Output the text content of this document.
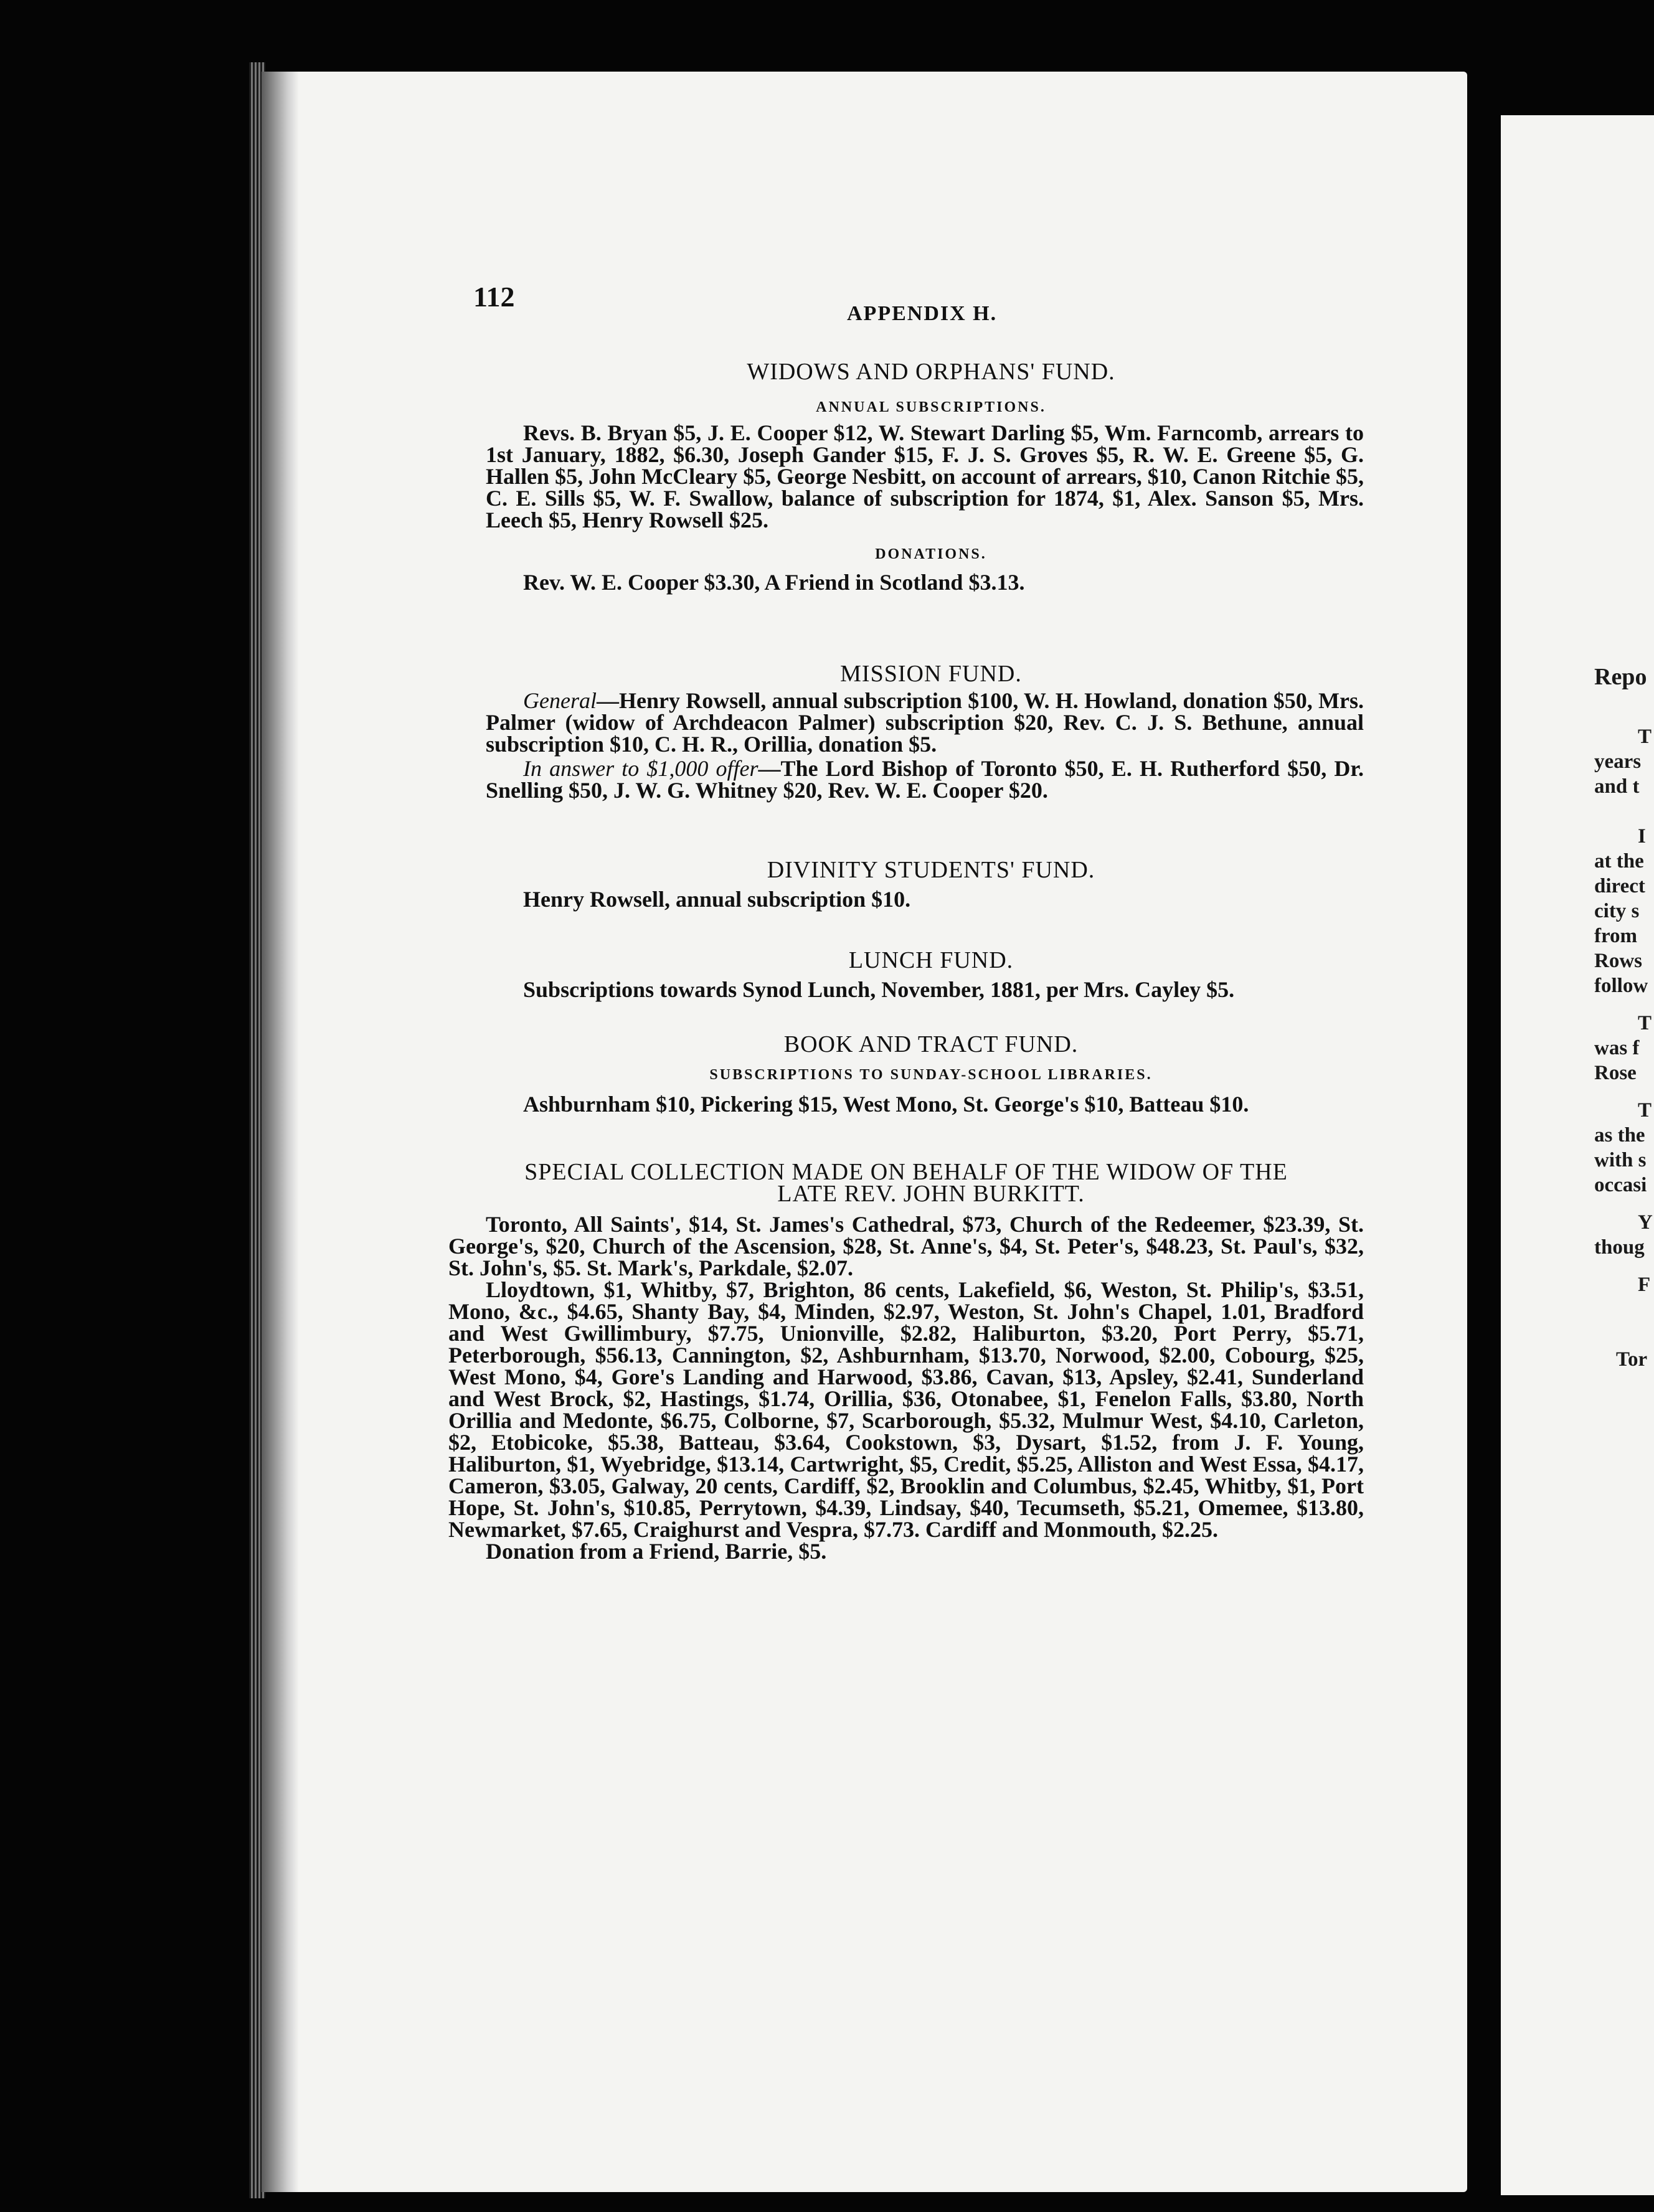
Repo
T
years
and t
I
at the
direct
city s
from
Rows
follow
T
was f
Rose
T
as the
with s
occasi
Y
thoug
F
Tor
112
APPENDIX H.
WIDOWS AND ORPHANS' FUND.
ANNUAL SUBSCRIPTIONS.
Revs. B. Bryan $5, J. E. Cooper $12, W. Stewart Darling $5, Wm. Farncomb, arrears to 1st January, 1882, $6.30, Joseph Gander $15, F. J. S. Groves $5, R. W. E. Greene $5, G. Hallen $5, John McCleary $5, George Nesbitt, on account of arrears, $10, Canon Ritchie $5, C. E. Sills $5, W. F. Swallow, balance of subscription for 1874, $1, Alex. Sanson $5, Mrs. Leech $5, Henry Rowsell $25.
DONATIONS.
Rev. W. E. Cooper $3.30, A Friend in Scotland $3.13.
MISSION FUND.
General—Henry Rowsell, annual subscription $100, W. H. Howland, donation $50, Mrs. Palmer (widow of Archdeacon Palmer) subscription $20, Rev. C. J. S. Bethune, annual subscription $10, C. H. R., Orillia, donation $5.
In answer to $1,000 offer—The Lord Bishop of Toronto $50, E. H. Rutherford $50, Dr. Snelling $50, J. W. G. Whitney $20, Rev. W. E. Cooper $20.
DIVINITY STUDENTS' FUND.
Henry Rowsell, annual subscription $10.
LUNCH FUND.
Subscriptions towards Synod Lunch, November, 1881, per Mrs. Cayley $5.
BOOK AND TRACT FUND.
SUBSCRIPTIONS TO SUNDAY-SCHOOL LIBRARIES.
Ashburnham $10, Pickering $15, West Mono, St. George's $10, Batteau $10.
SPECIAL COLLECTION MADE ON BEHALF OF THE WIDOW OF THE
LATE REV. JOHN BURKITT.
Toronto, All Saints', $14, St. James's Cathedral, $73, Church of the Redeemer, $23.39, St. George's, $20, Church of the Ascension, $28, St. Anne's, $4, St. Peter's, $48.23, St. Paul's, $32, St. John's, $5. St. Mark's, Parkdale, $2.07.
Lloydtown, $1, Whitby, $7, Brighton, 86 cents, Lakefield, $6, Weston, St. Philip's, $3.51, Mono, &c., $4.65, Shanty Bay, $4, Minden, $2.97, Weston, St. John's Chapel, 1.01, Bradford and West Gwillimbury, $7.75, Unionville, $2.82, Haliburton, $3.20, Port Perry, $5.71, Peterborough, $56.13, Cannington, $2, Ashburnham, $13.70, Norwood, $2.00, Cobourg, $25, West Mono, $4, Gore's Landing and Harwood, $3.86, Cavan, $13, Apsley, $2.41, Sunderland and West Brock, $2, Hastings, $1.74, Orillia, $36, Otonabee, $1, Fenelon Falls, $3.80, North Orillia and Medonte, $6.75, Colborne, $7, Scarborough, $5.32, Mulmur West, $4.10, Carleton, $2, Etobicoke, $5.38, Batteau, $3.64, Cookstown, $3, Dysart, $1.52, from J. F. Young, Haliburton, $1, Wyebridge, $13.14, Cartwright, $5, Credit, $5.25, Alliston and West Essa, $4.17, Cameron, $3.05, Galway, 20 cents, Cardiff, $2, Brooklin and Columbus, $2.45, Whitby, $1, Port Hope, St. John's, $10.85, Perrytown, $4.39, Lindsay, $40, Tecumseth, $5.21, Omemee, $13.80, Newmarket, $7.65, Craighurst and Vespra, $7.73. Cardiff and Monmouth, $2.25.
Donation from a Friend, Barrie, $5.
